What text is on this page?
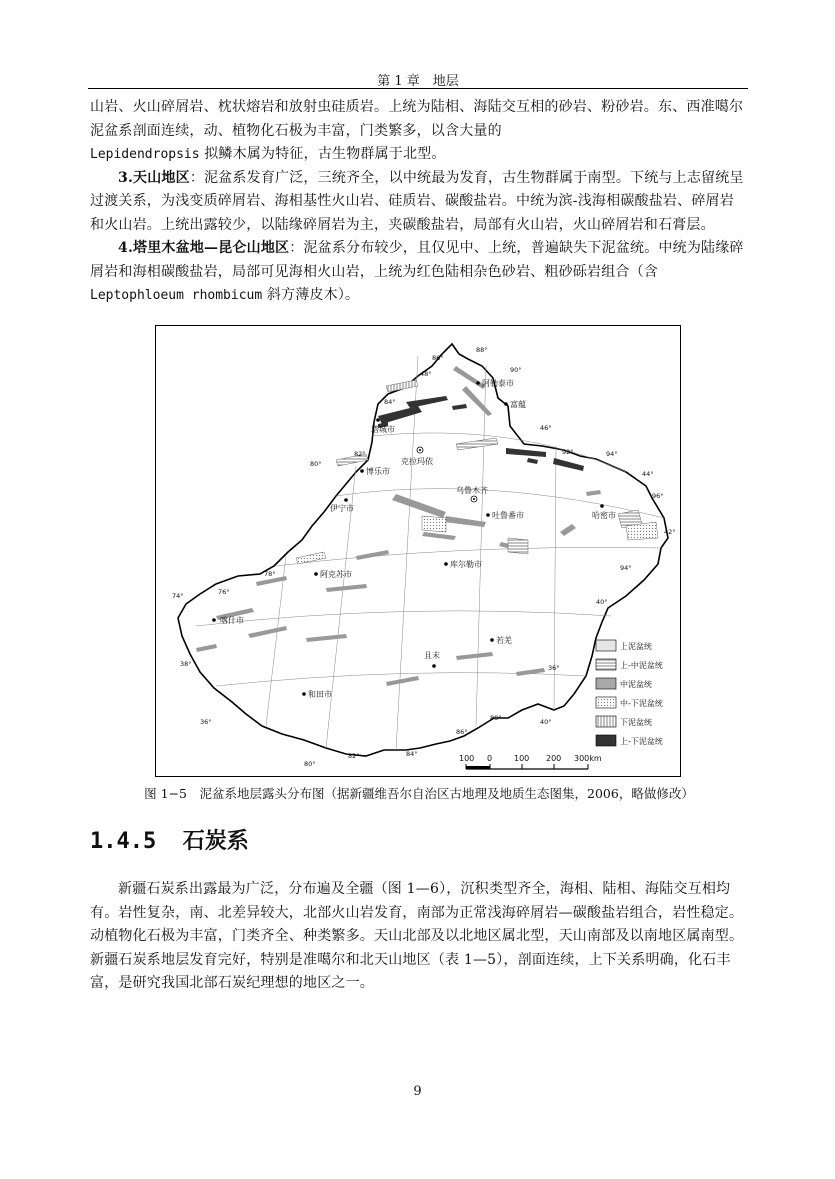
第 1 章　地层

山岩、火山碎屑岩、枕状熔岩和放射虫硅质岩。上统为陆相、海陆交互相的砂岩、粉砂岩。东、西准噶尔泥盆系剖面连续，动、植物化石极为丰富，门类繁多，以含大量的

Lepidendropsis 拟鳞木属为特征，古生物群属于北型。

3.天山地区：泥盆系发育广泛，三统齐全，以中统最为发育，古生物群属于南型。下统与上志留统呈过渡关系，为浅变质碎屑岩、海相基性火山岩、硅质岩、碳酸盐岩。中统为滨-浅海相碳酸盐岩、碎屑岩和火山岩。上统出露较少，以陆缘碎屑岩为主，夹碳酸盐岩，局部有火山岩，火山碎屑岩和石膏层。

4.塔里木盆地—昆仑山地区：泥盆系分布较少，且仅见中、上统，普遍缺失下泥盆统。中统为陆缘碎屑岩和海相碳酸盐岩，局部可见海相火山岩，上统为红色陆相杂色砂岩、粗砂砾岩组合（含 Leptophloeum rhombicum 斜方薄皮木）。

86°
88°
48°	90°
84°
46°
82°
80°
92°	94°
44°
96°
42°
78°
94°
40°
74°	76°
38°
36°
80°
36°
86°
88°	40°
84°
82°
阿勒泰市
富蕴
塔城市
克拉玛依
博乐市
乌鲁木齐
伊宁市
吐鲁番市	哈密市
阿克苏市
库尔勒市
喀什市
若羌
且末
和田市
上泥盆统
上-中泥盆统
中泥盆统
中-下泥盆统
下泥盆统
上-下泥盆统
100 0	100 200 300km
图 1−5　泥盆系地层露头分布图（据新疆维吾尔自治区古地理及地质生态图集，2006，略做修改）
1.4.5 石炭系

新疆石炭系出露最为广泛，分布遍及全疆（图 1—6），沉积类型齐全，海相、陆相、海陆交互相均有。岩性复杂，南、北差异较大，北部火山岩发育，南部为正常浅海碎屑岩—碳酸盐岩组合，岩性稳定。动植物化石极为丰富，门类齐全、种类繁多。天山北部及以北地区属北型，天山南部及以南地区属南型。新疆石炭系地层发育完好，特别是准噶尔和北天山地区（表 1—5），剖面连续，上下关系明确，化石丰富，是研究我国北部石炭纪理想的地区之一。

9
